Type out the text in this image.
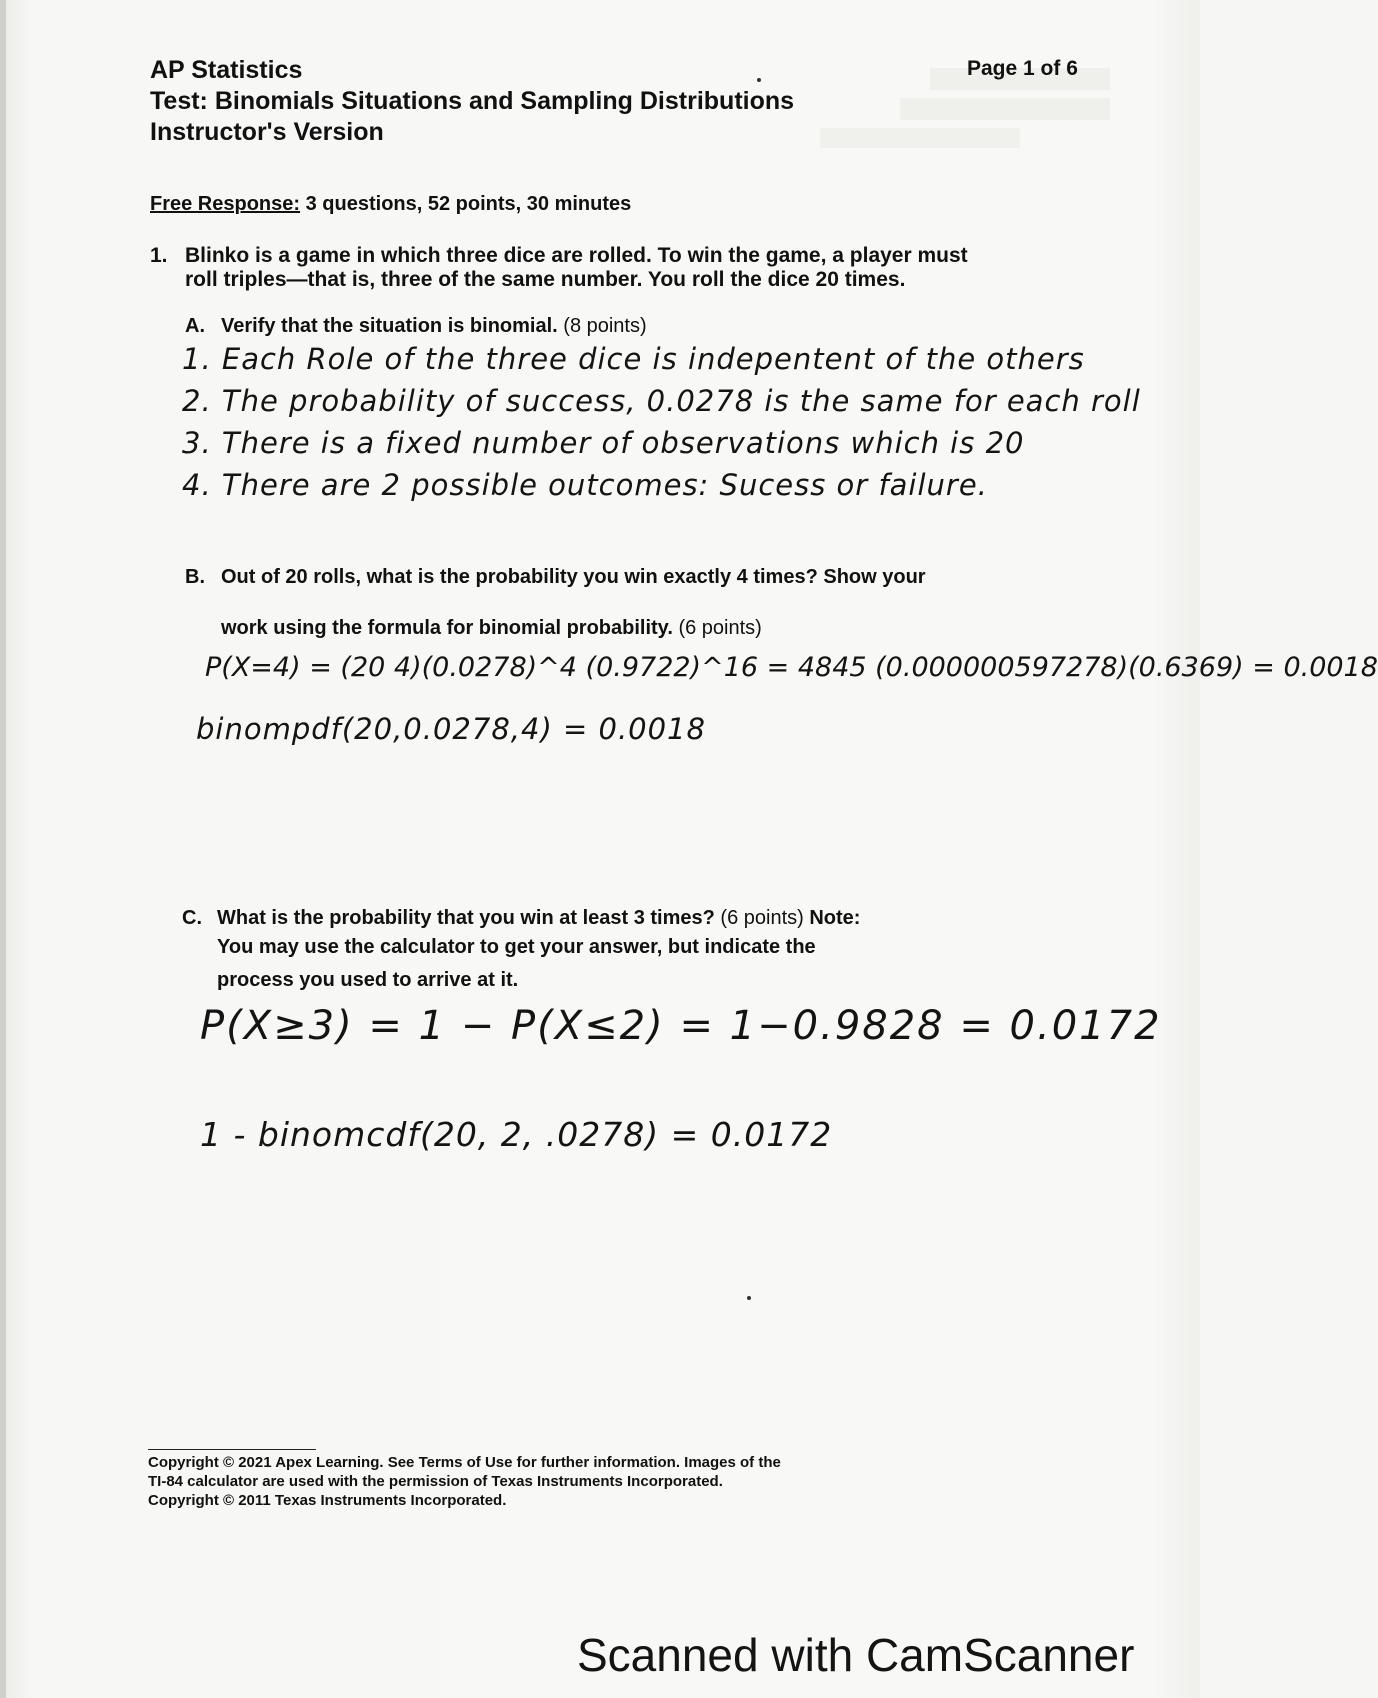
AP Statistics
Test: Binomials Situations and Sampling Distributions
Instructor's Version
Page 1 of 6
Free Response: 3 questions, 52 points, 30 minutes
1. Blinko is a game in which three dice are rolled. To win the game, a player must
roll triples—that is, three of the same number. You roll the dice 20 times.
A. Verify that the situation is binomial. (8 points)
1. Each Role of the three dice is indepentent of the others
2. The probability of success, 0.0278 is the same for each roll
3. There is a fixed number of observations which is 20
4. There are 2 possible outcomes: Sucess or failure.
B. Out of 20 rolls, what is the probability you win exactly 4 times? Show your
work using the formula for binomial probability. (6 points)
P(X=4) = (20 4)(0.0278)^4 (0.9722)^16 = 4845 (0.000000597278)(0.6369) = 0.0018
binompdf(20,0.0278,4) = 0.0018
C. What is the probability that you win at least 3 times? (6 points) Note:
You may use the calculator to get your answer, but indicate the
process you used to arrive at it.
P(X≥3) = 1 − P(X≤2) = 1−0.9828 = 0.0172
1 - binomcdf(20, 2, .0278) = 0.0172
Copyright © 2021 Apex Learning. See Terms of Use for further information. Images of the
TI-84 calculator are used with the permission of Texas Instruments Incorporated.
Copyright © 2011 Texas Instruments Incorporated.
Scanned with CamScanner
